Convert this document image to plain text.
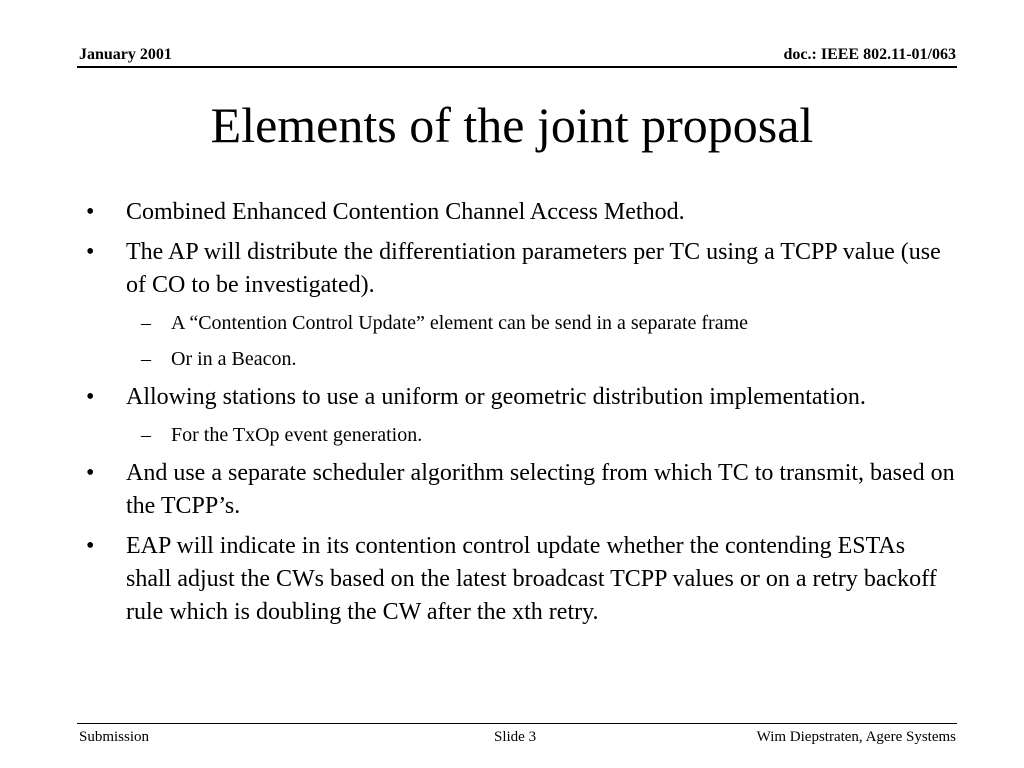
January 2001	doc.: IEEE 802.11-01/063
Elements of the joint proposal
•	Combined Enhanced Contention Channel Access Method.
•	The AP will distribute the differentiation parameters per TC using a TCPP value (use of CO to be investigated).
– A “Contention Control Update” element can be send in a separate frame
– Or in a Beacon.
•	Allowing stations to use a uniform or geometric distribution implementation.
– For the TxOp event generation.
•	And use a separate scheduler algorithm selecting from which TC to transmit, based on the TCPP’s.
•	EAP will indicate in its contention control update whether the contending ESTAs shall adjust the CWs based on the latest broadcast TCPP values or on a retry backoff rule which is doubling the CW after the xth retry.
Submission	Slide 3	Wim Diepstraten, Agere Systems
